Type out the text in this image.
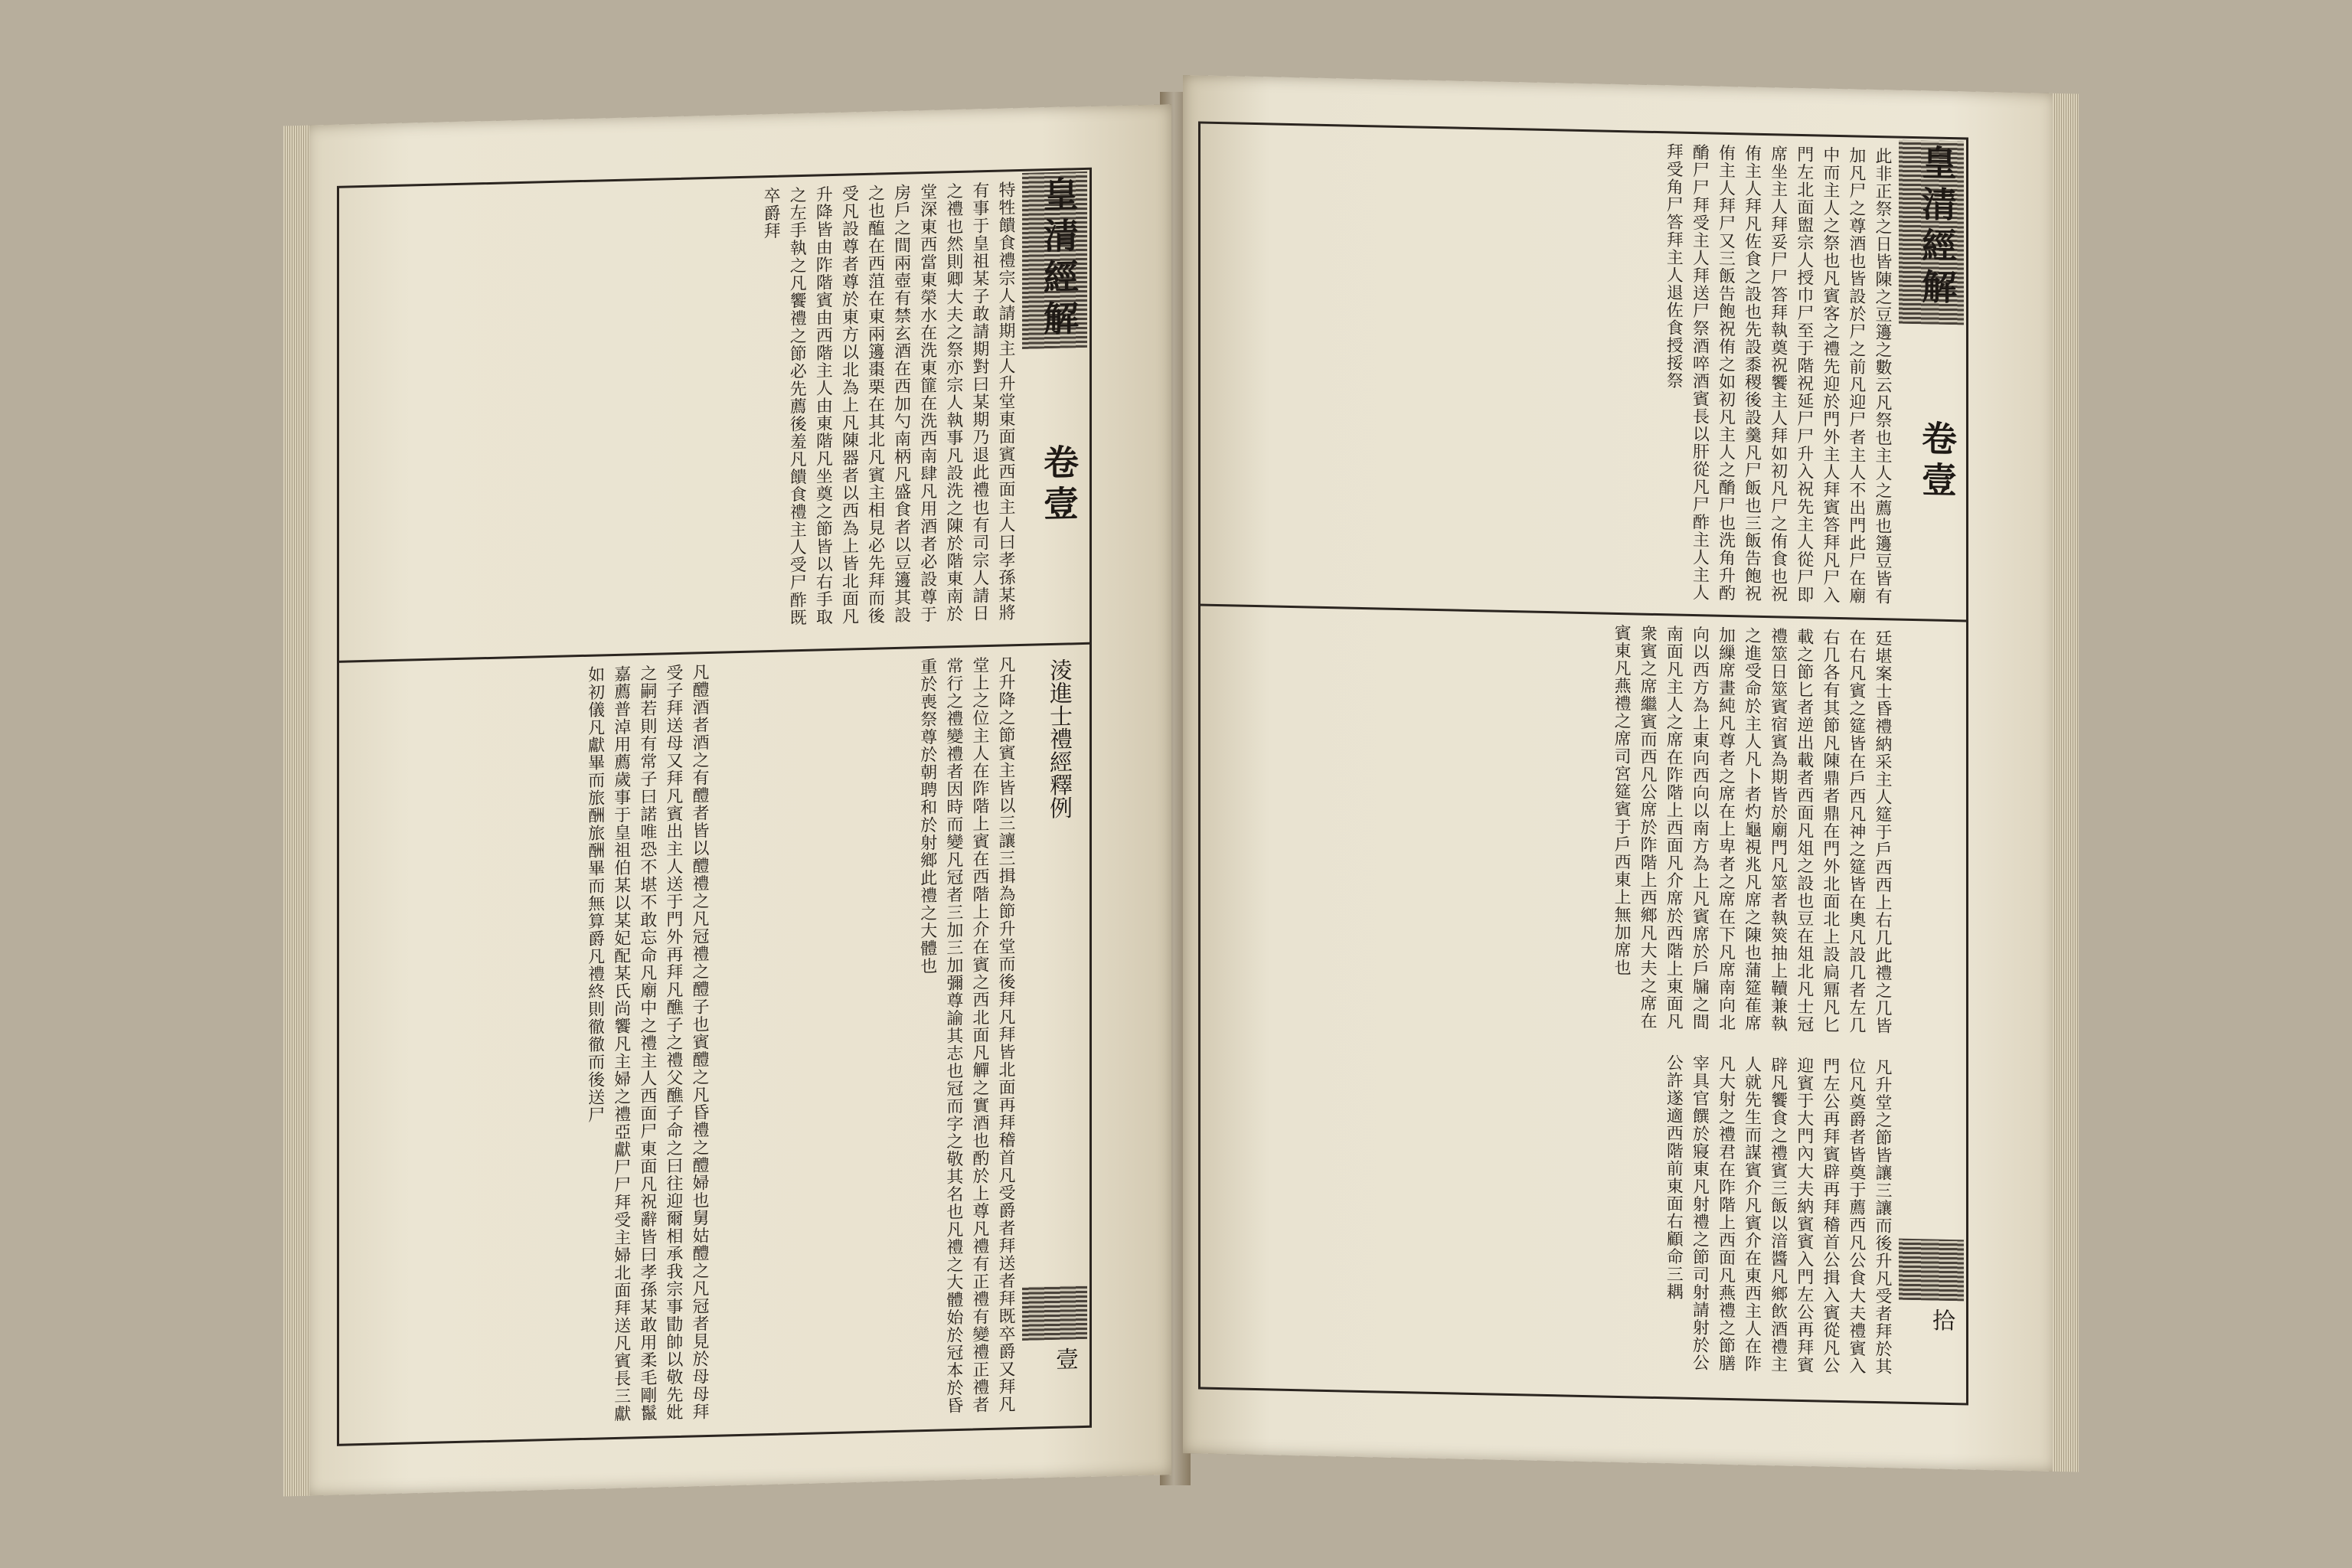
特牲饋食禮宗人請期主人升堂東面賓西面主人曰孝孫某將有事于皇祖某子敢請期對曰某期乃退此禮也有司宗人請日之禮也然則卿大夫之祭亦宗人執事凡設洗之陳於階東南於堂深東西當東榮水在洗東篚在洗西南肆凡用酒者必設尊于房戶之間兩壺有禁玄酒在西加勺南柄凡盛食者以豆籩其設之也醢在西菹在東兩籩棗栗在其北凡賓主相見必先拜而後受凡設尊者尊於東方以北為上凡陳器者以西為上皆北面凡升降皆由阼階賓由西階主人由東階凡坐奠之節皆以右手取之左手執之凡饗禮之節必先薦後羞凡饋食禮主人受尸酢既卒爵拜
凡醴酒者酒之有醴者皆以醴禮之凡冠禮之醴子也賓醴之凡昏禮之醴婦也舅姑醴之凡冠者見於母母拜受子拜送母又拜凡賓出主人送于門外再拜凡醮子之禮父醮子命之曰往迎爾相承我宗事勖帥以敬先妣之嗣若則有常子曰諾唯恐不堪不敢忘命凡廟中之禮主人西面尸東面凡祝辭皆曰孝孫某敢用柔毛剛鬣嘉薦普淖用薦歲事于皇祖伯某以某妃配某氏尚饗凡主婦之禮亞獻尸尸拜受主婦北面拜送凡賓長三獻如初儀凡獻畢而旅酬旅酬畢而無算爵凡禮終則徹徹而後送尸	凡升降之節賓主皆以三讓三揖為節升堂而後拜凡拜皆北面再拜稽首凡受爵者拜送者拜既卒爵又拜凡堂上之位主人在阼階上賓在西階上介在賓之西北面凡觶之實酒也酌於上尊凡禮有正禮有變禮正禮者常行之禮變禮者因時而變凡冠者三加三加彌尊諭其志也冠而字之敬其名也凡禮之大體始於冠本於昏重於喪祭尊於朝聘和於射鄉此禮之大體也
皇清經解
卷壹
淩進士禮經釋例
壹
此非正祭之日皆陳之豆籩之數云凡祭也主人之薦也籩豆皆有加凡尸之尊酒也皆設於尸之前凡迎尸者主人不出門此尸在廟中而主人之祭也凡賓客之禮先迎於門外主人拜賓答拜凡尸入門左北面盥宗人授巾尸至于階祝延尸尸升入祝先主人從尸即席坐主人拜妥尸尸答拜執奠祝饗主人拜如初凡尸之侑食也祝侑主人拜凡佐食之設也先設黍稷後設羹凡尸飯也三飯告飽祝侑主人拜尸又三飯告飽祝侑之如初凡主人之酳尸也洗角升酌酳尸尸拜受主人拜送尸祭酒啐酒賓長以肝從凡尸酢主人主人拜受角尸答拜主人退佐食授挼祭
廷堪案士昏禮納采主人筵于戶西西上右几此禮之几皆在右凡賓之筵皆在戶西凡神之筵皆在奧凡設几者左几右几各有其節凡陳鼎者鼎在門外北面北上設扃鼏凡匕載之節匕者逆出載者西面凡俎之設也豆在俎北凡士冠禮筮日筮賓宿賓為期皆於廟門凡筮者執筴抽上韇兼執之進受命於主人凡卜者灼龜視兆凡席之陳也蒲筵萑席加繅席畫純凡尊者之席在上卑者之席在下凡席南向北向以西方為上東向西向以南方為上凡賓席於戶牖之間南面凡主人之席在阼階上西面凡介席於西階上東面凡衆賓之席繼賓而西凡公席於阼階上西鄉凡大夫之席在賓東凡燕禮之席司宮筵賓于戶西東上無加席也
凡升堂之節皆讓三讓而後升凡受者拜於其位凡奠爵者皆奠于薦西凡公食大夫禮賓入門左公再拜賓辟再拜稽首公揖入賓從凡公迎賓于大門內大夫納賓賓入門左公再拜賓辟凡饗食之禮賓三飯以湆醬凡鄉飲酒禮主人就先生而謀賓介凡賓介在東西主人在阼凡大射之禮君在阼階上西面凡燕禮之節膳宰具官饌於寢東凡射禮之節司射請射於公公許遂適西階前東面右顧命三耦
皇清經解
卷壹
拾
